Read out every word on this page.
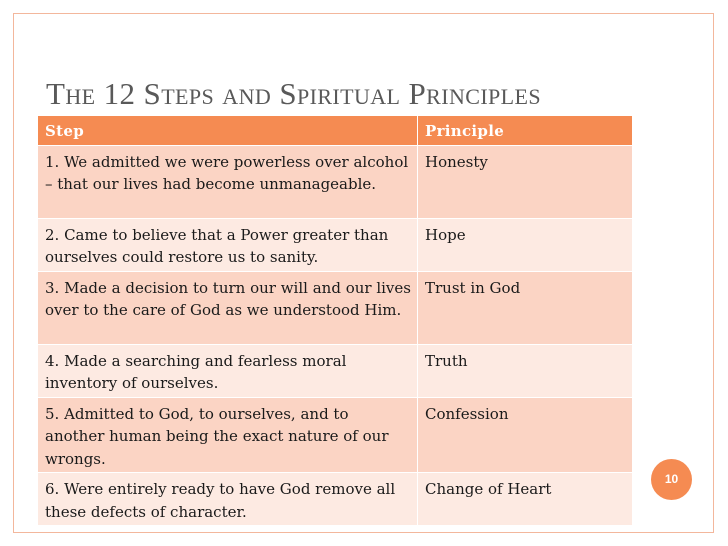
The 12 Steps and Spiritual Principles
Step	Principle
1. We admitted we were powerless over alcohol – that our lives had become unmanageable.	Honesty
2. Came to believe that a Power greater than ourselves could restore us to sanity.	Hope
3. Made a decision to turn our will and our lives over to the care of God as we understood Him.	Trust in God
4. Made a searching and fearless moral inventory of ourselves.	Truth
5. Admitted to God, to ourselves, and to another human being the exact nature of our wrongs.	Confession
6. Were entirely ready to have God remove all these defects of character.	Change of Heart
10
